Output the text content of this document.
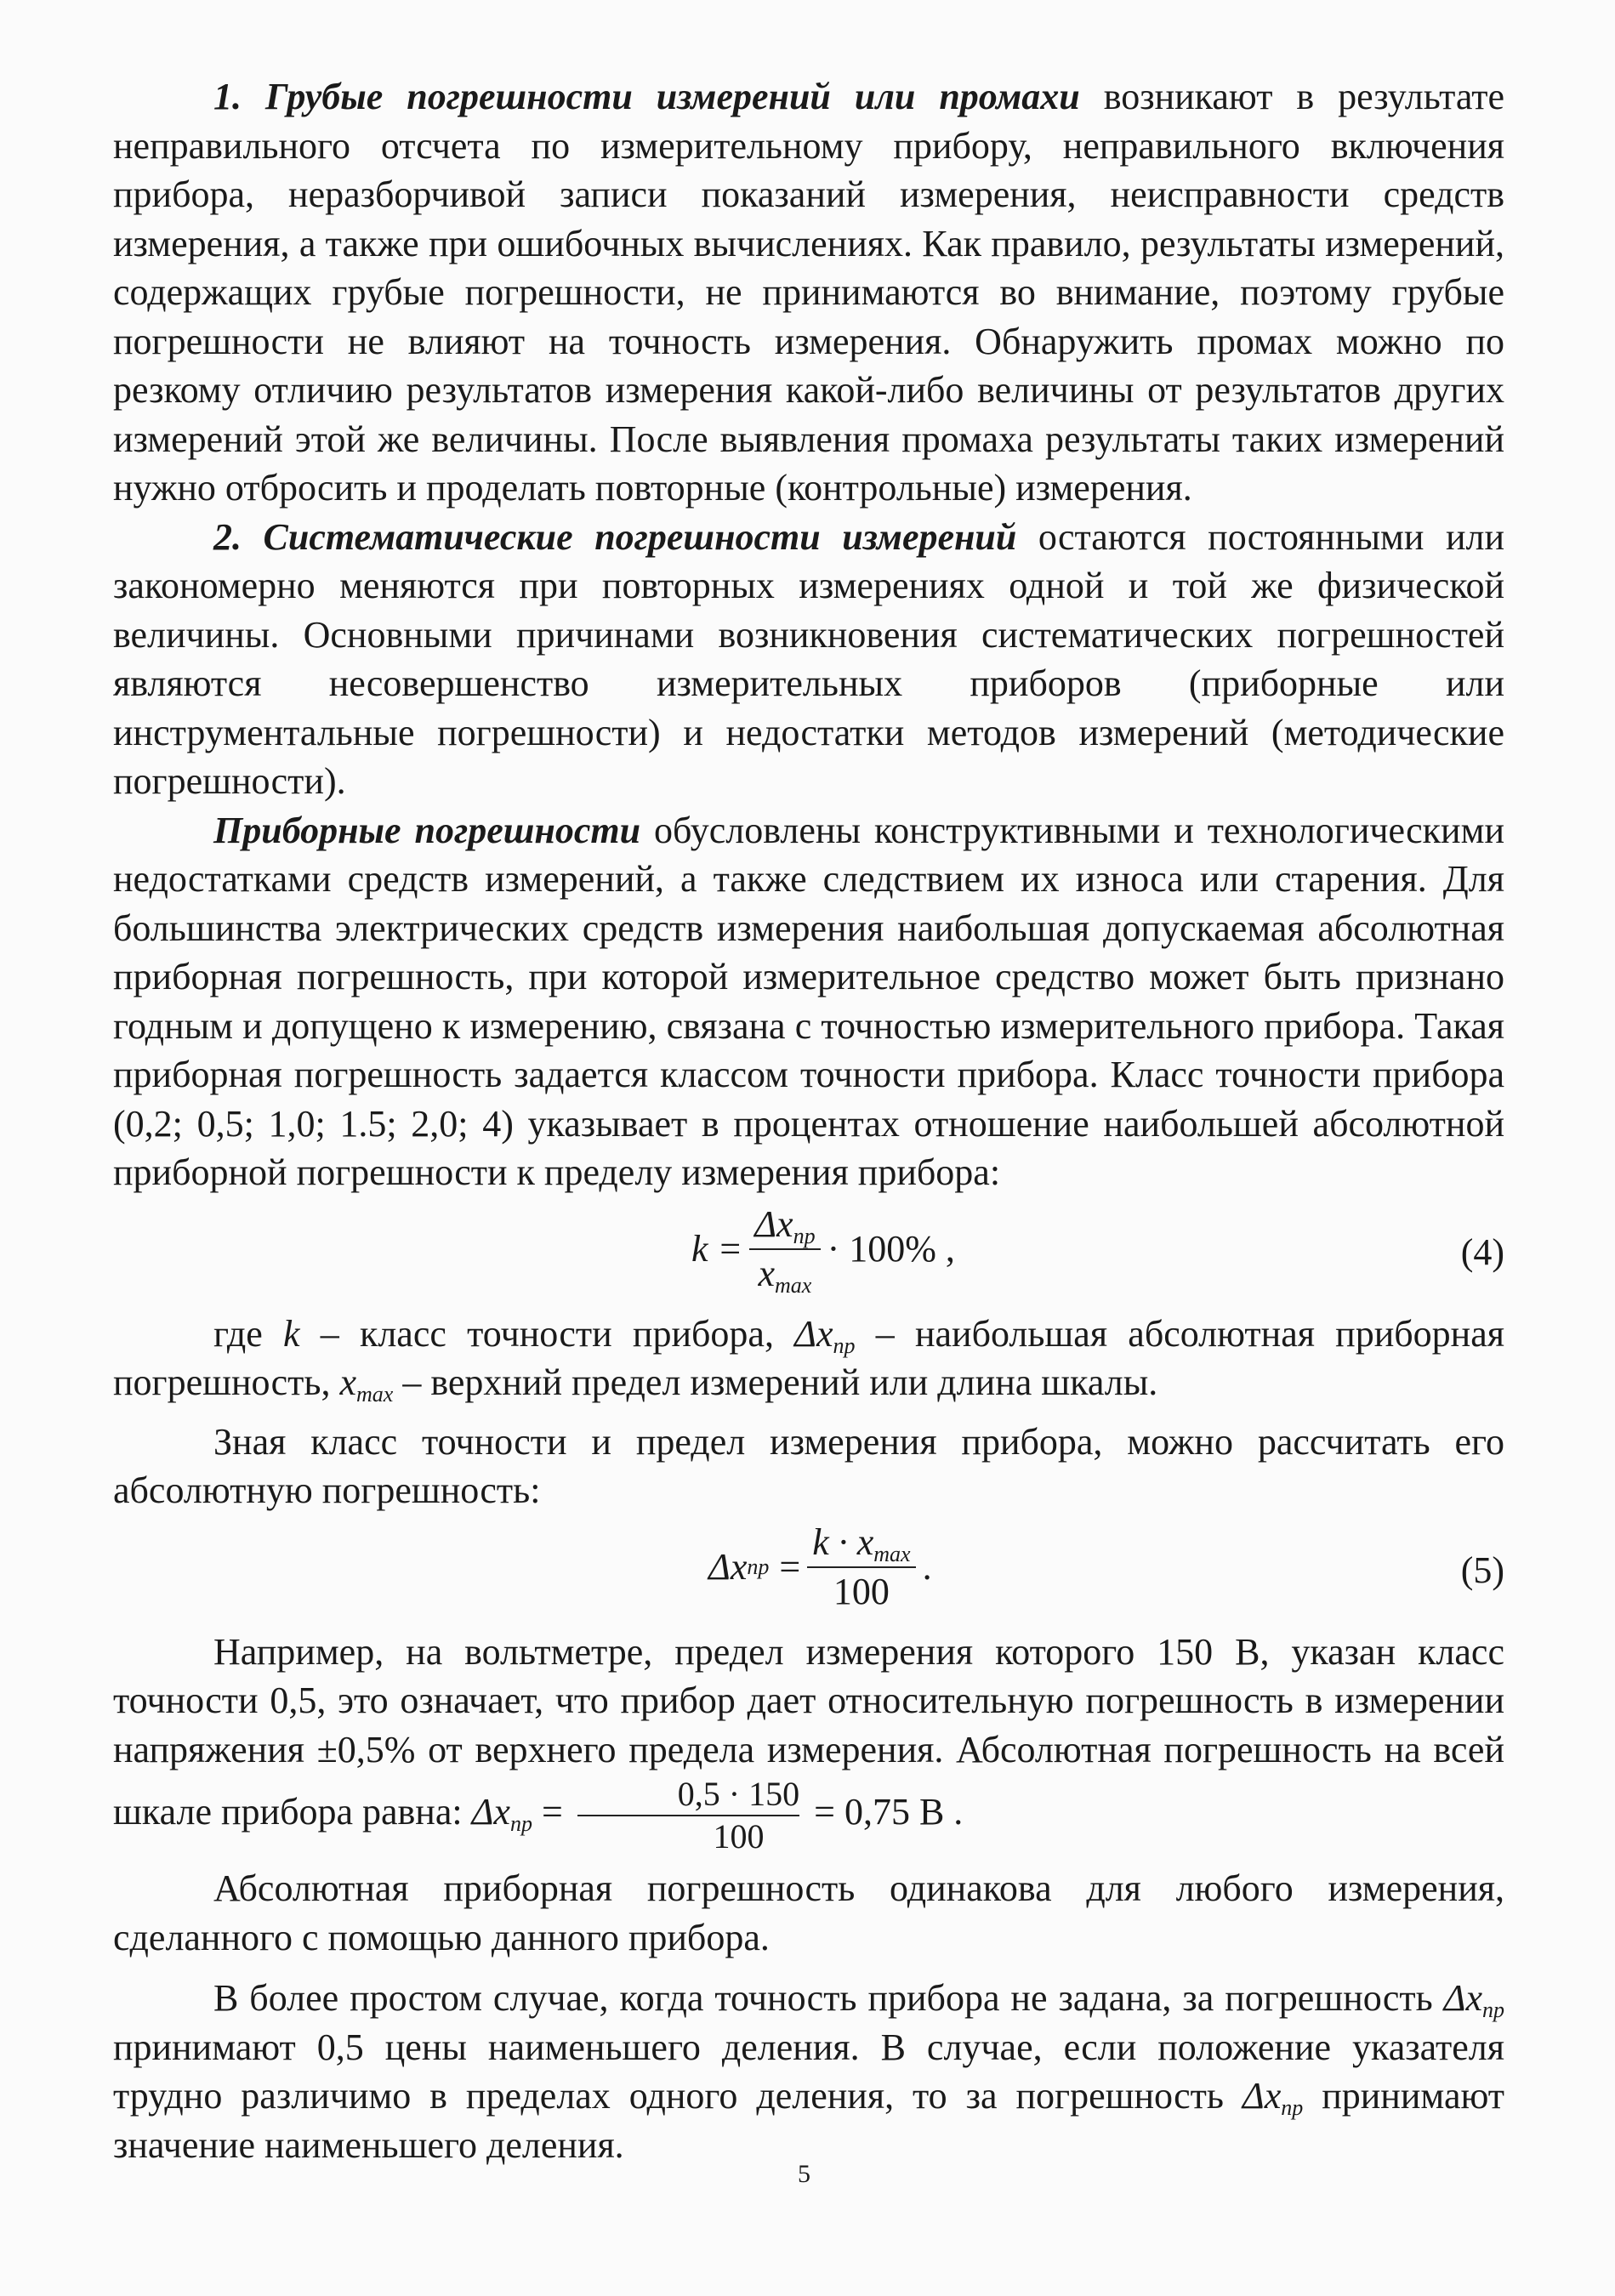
1. Грубые погрешности измерений или промахи возникают в результате неправильного отсчета по измерительному прибору, неправильного включения прибора, неразборчивой записи показаний измерения, неисправности средств измерения, а также при ошибочных вычислениях. Как правило, результаты измерений, содержащих грубые погрешности, не принимаются во внимание, поэтому грубые погрешности не влияют на точность измерения. Обнаружить промах можно по резкому отличию результатов измерения какой-либо величины от результатов других измерений этой же величины. После выявления промаха результаты таких измерений нужно отбросить и проделать повторные (контрольные) измерения.

2. Систематические погрешности измерений остаются постоянными или закономерно меняются при повторных измерениях одной и той же физической величины. Основными причинами возникновения систематических погрешностей являются несовершенство измерительных приборов (приборные или инструментальные погрешности) и недостатки методов измерений (методические погрешности).

Приборные погрешности обусловлены конструктивными и технологическими недостатками средств измерений, а также следствием их износа или старения. Для большинства электрических средств измерения наибольшая допускаемая абсолютная приборная погрешность, при которой измерительное средство может быть признано годным и допущено к измерению, связана с точностью измерительного прибора. Такая приборная погрешность задается классом точности прибора. Класс точности прибора (0,2; 0,5; 1,0; 1.5; 2,0; 4) указывает в процентах отношение наибольшей абсолютной приборной погрешности к пределу измерения прибора:

$k = \frac{\Delta x_{пр}}{x_{max}} \cdot 100\%$ ,	(4)

где k – класс точности прибора, $\Delta x_{пр}$ – наибольшая абсолютная приборная погрешность, $x_{max}$ – верхний предел измерений или длина шкалы.

Зная класс точности и предел измерения прибора, можно рассчитать его абсолютную погрешность:

Δx пр = $\frac{k \cdot x_{max}}{100}$ .	(5)

Например, на вольтметре, предел измерения которого 150 В, указан класс точности 0,5, это означает, что прибор дает относительную погрешность в измерении напряжения ±0,5% от верхнего предела измерения. Абсолютная погрешность на всей шкале прибора равна: $\Delta x_{пр} = \frac{0,5 \cdot 150}{100} = 0,75$ В .

Абсолютная приборная погрешность одинакова для любого измерения, сделанного с помощью данного прибора.

В более простом случае, когда точность прибора не задана, за погрешность $\Delta x_{пр}$ принимают 0,5 цены наименьшего деления. В случае, если положение указателя трудно различимо в пределах одного деления, то за погрешность $\Delta x_{пр}$ принимают значение наименьшего деления.

5
